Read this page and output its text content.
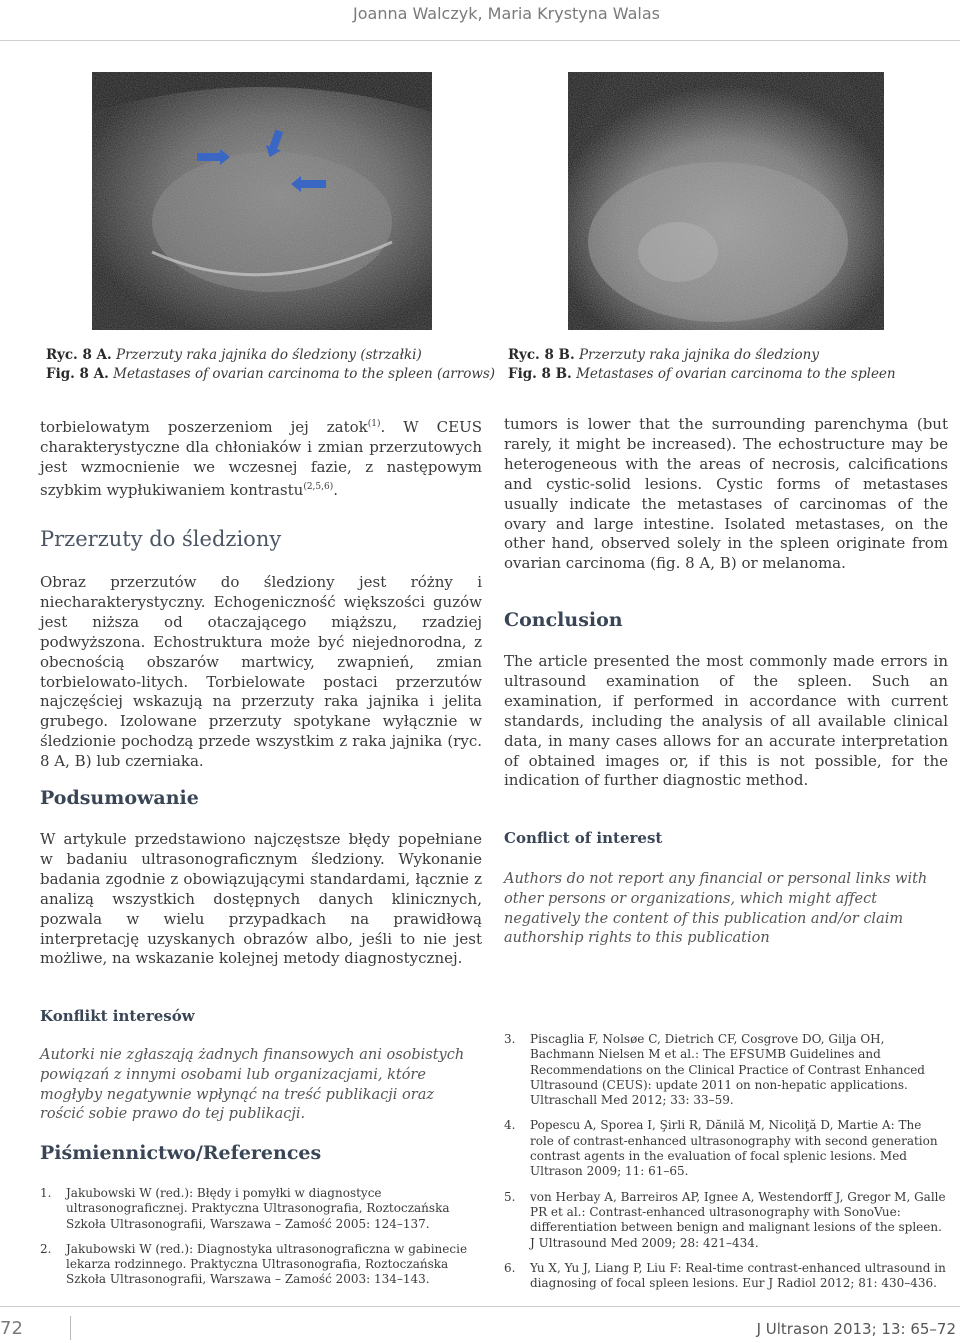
Joanna Walczyk, Maria Krystyna Walas
Ryc. 8 A. Przerzuty raka jajnika do śledziony (strzałki)
Fig. 8 A. Metastases of ovarian carcinoma to the spleen (arrows)
Ryc. 8 B. Przerzuty raka jajnika do śledziony
Fig. 8 B. Metastases of ovarian carcinoma to the spleen
torbielowatym poszerzeniom jej zatok$^{(1)}$. W CEUS charakterystyczne dla chłoniaków i zmian przerzutowych jest wzmocnienie we wczesnej fazie, z następowym szybkim wypłukiwaniem kontrastu$^{(2,5,6)}$.
Przerzuty do śledziony
Obraz przerzutów do śledziony jest różny i niecharakterystyczny. Echogeniczność większości guzów jest niższa od otaczającego miąższu, rzadziej podwyższona. Echostruktura może być niejednorodna, z obecnością obszarów martwicy, zwapnień, zmian torbielowato-litych. Torbielowate postaci przerzutów najczęściej wskazują na przerzuty raka jajnika i jelita grubego. Izolowane przerzuty spotykane wyłącznie w śledzionie pochodzą przede wszystkim z raka jajnika (ryc. 8 A, B) lub czerniaka.
Podsumowanie
W artykule przedstawiono najczęstsze błędy popełniane w badaniu ultrasonograficznym śledziony. Wykonanie badania zgodnie z obowiązującymi standardami, łącznie z analizą wszystkich dostępnych danych klinicznych, pozwala w wielu przypadkach na prawidłową interpretację uzyskanych obrazów albo, jeśli to nie jest możliwe, na wskazanie kolejnej metody diagnostycznej.
Konflikt interesów
Autorki nie zgłaszają żadnych finansowych ani osobistych powiązań z innymi osobami lub organizacjami, które mogłyby negatywnie wpłynąć na treść publikacji oraz rościć sobie prawo do tej publikacji.
Piśmiennictwo/References
1. Jakubowski W (red.): Błędy i pomyłki w diagnostyce ultrasonograficznej. Praktyczna Ultrasonografia, Roztoczańska Szkoła Ultrasonografii, Warszawa – Zamość 2005: 124–137.
2. Jakubowski W (red.): Diagnostyka ultrasonograficzna w gabinecie lekarza rodzinnego. Praktyczna Ultrasonografia, Roztoczańska Szkoła Ultrasonografii, Warszawa – Zamość 2003: 134–143.
tumors is lower that the surrounding parenchyma (but rarely, it might be increased). The echostructure may be heterogeneous with the areas of necrosis, calcifications and cystic-solid lesions. Cystic forms of metastases usually indicate the metastases of carcinomas of the ovary and large intestine. Isolated metastases, on the other hand, observed solely in the spleen originate from ovarian carcinoma (fig. 8 A, B) or melanoma.
Conclusion
The article presented the most commonly made errors in ultrasound examination of the spleen. Such an examination, if performed in accordance with current standards, including the analysis of all available clinical data, in many cases allows for an accurate interpretation of obtained images or, if this is not possible, for the indication of further diagnostic method.
Conflict of interest
Authors do not report any financial or personal links with other persons or organizations, which might affect negatively the content of this publication and/or claim authorship rights to this publication
3. Piscaglia F, Nolsøe C, Dietrich CF, Cosgrove DO, Gilja OH, Bachmann Nielsen M et al.: The EFSUMB Guidelines and Recommendations on the Clinical Practice of Contrast Enhanced Ultrasound (CEUS): update 2011 on non-hepatic applications. Ultraschall Med 2012; 33: 33–59.
4. Popescu A, Sporea I, Şirli R, Dănilă M, Nicoliţă D, Martie A: The role of contrast-enhanced ultrasonography with second generation contrast agents in the evaluation of focal splenic lesions. Med Ultrason 2009; 11: 61–65.
5. von Herbay A, Barreiros AP, Ignee A, Westendorff J, Gregor M, Galle PR et al.: Contrast-enhanced ultrasonography with SonoVue: differentiation between benign and malignant lesions of the spleen. J Ultrasound Med 2009; 28: 421–434.
6. Yu X, Yu J, Liang P, Liu F: Real-time contrast-enhanced ultrasound in diagnosing of focal spleen lesions. Eur J Radiol 2012; 81: 430–436.
72	J Ultrason 2013; 13: 65–72
